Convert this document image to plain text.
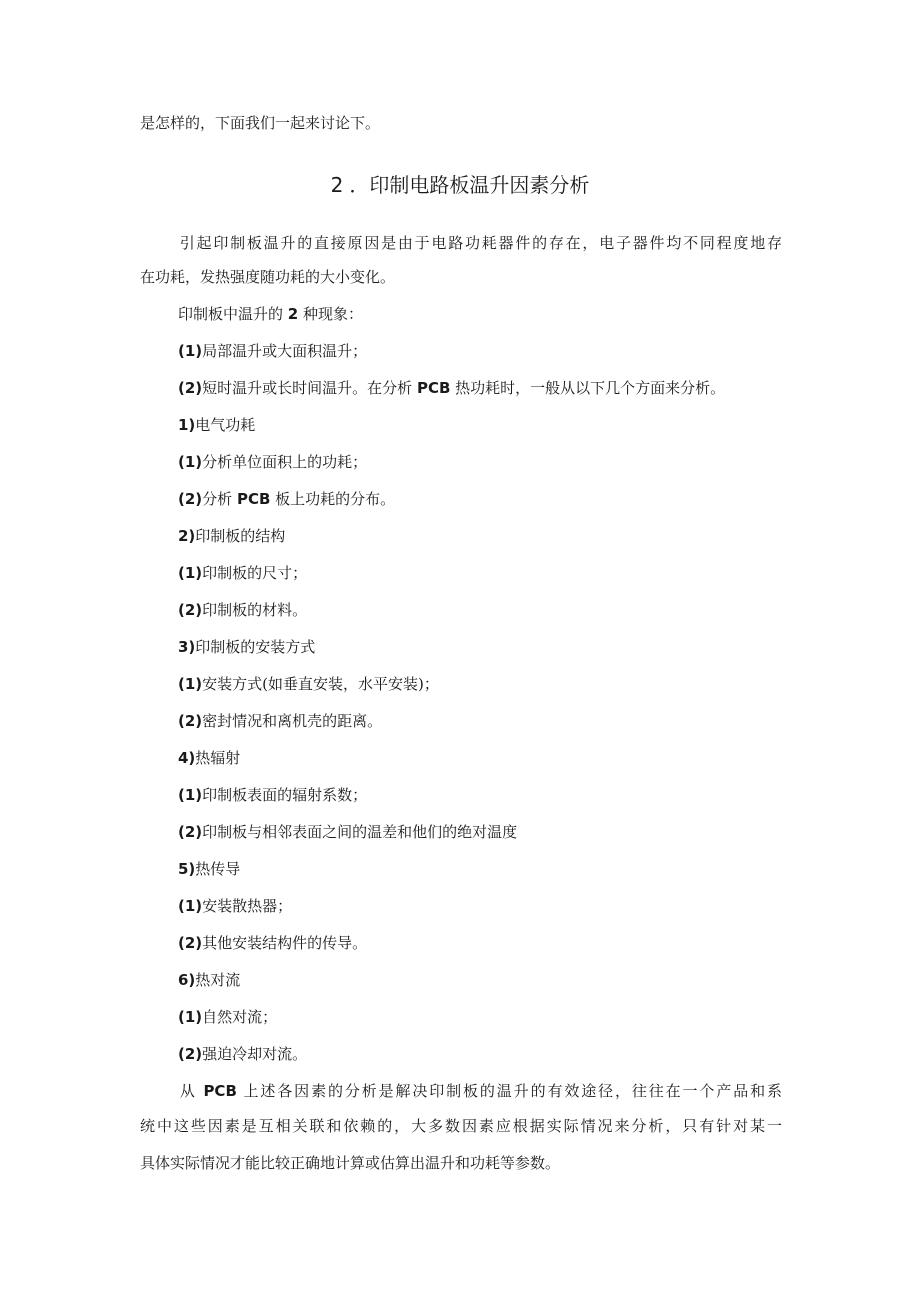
是怎样的，下面我们一起来讨论下。
2 ．印制电路板温升因素分析
引起印制板温升的直接原因是由于电路功耗器件的存在，电子器件均不同程度地存
在功耗，发热强度随功耗的大小变化。
印制板中温升的 2 种现象：
(1)局部温升或大面积温升；
(2)短时温升或长时间温升。在分析 PCB 热功耗时，一般从以下几个方面来分析。
1)电气功耗
(1)分析单位面积上的功耗；
(2)分析 PCB 板上功耗的分布。
2)印制板的结构
(1)印制板的尺寸；
(2)印制板的材料。
3)印制板的安装方式
(1)安装方式(如垂直安装，水平安装)；
(2)密封情况和离机壳的距离。
4)热辐射
(1)印制板表面的辐射系数；
(2)印制板与相邻表面之间的温差和他们的绝对温度
5)热传导
(1)安装散热器；
(2)其他安装结构件的传导。
6)热对流
(1)自然对流；
(2)强迫冷却对流。
从 PCB 上述各因素的分析是解决印制板的温升的有效途径，往往在一个产品和系
统中这些因素是互相关联和依赖的，大多数因素应根据实际情况来分析，只有针对某一
具体实际情况才能比较正确地计算或估算出温升和功耗等参数。
